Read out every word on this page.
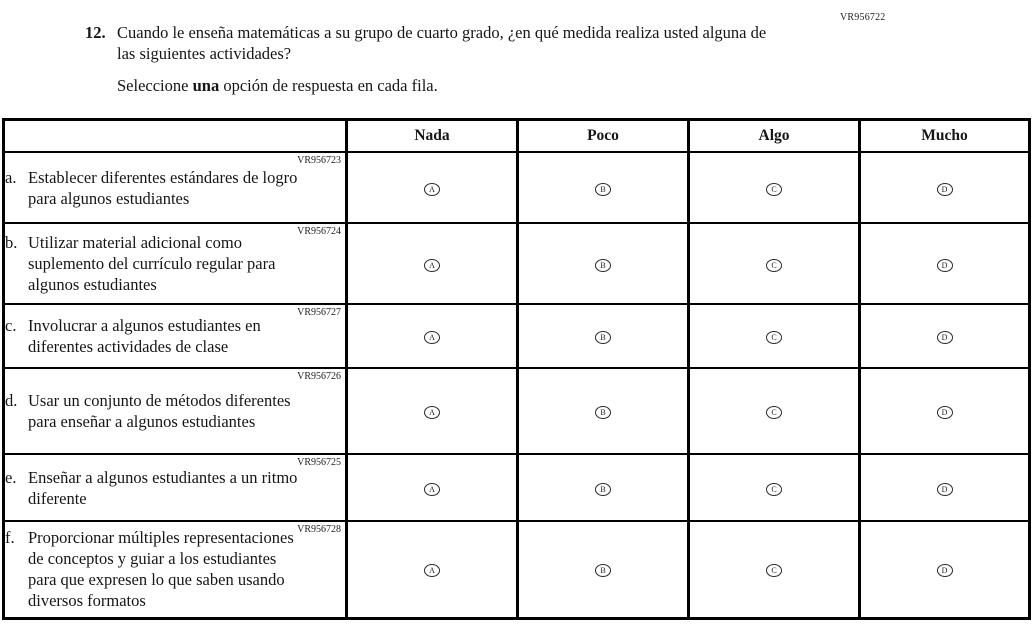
VR956722
12. Cuando le enseña matemáticas a su grupo de cuarto grado, ¿en qué medida realiza usted alguna de las siguientes actividades?

Seleccione una opción de respuesta en cada fila.

	Nada	Poco	Algo	Mucho

VR956723
a. Establecer diferentes estándares de logro para algunos estudiantes	A	B	C	D

VR956724
b. Utilizar material adicional como suplemento del currículo regular para algunos estudiantes	A	B	C	D

VR956727
c. Involucrar a algunos estudiantes en diferentes actividades de clase	A	B	C	D

VR956726
d. Usar un conjunto de métodos diferentes para enseñar a algunos estudiantes	A	B	C	D

VR956725
e. Enseñar a algunos estudiantes a un ritmo diferente	A	B	C	D

VR956728
f. Proporcionar múltiples representaciones de conceptos y guiar a los estudiantes para que expresen lo que saben usando diversos formatos	A	B	C	D
